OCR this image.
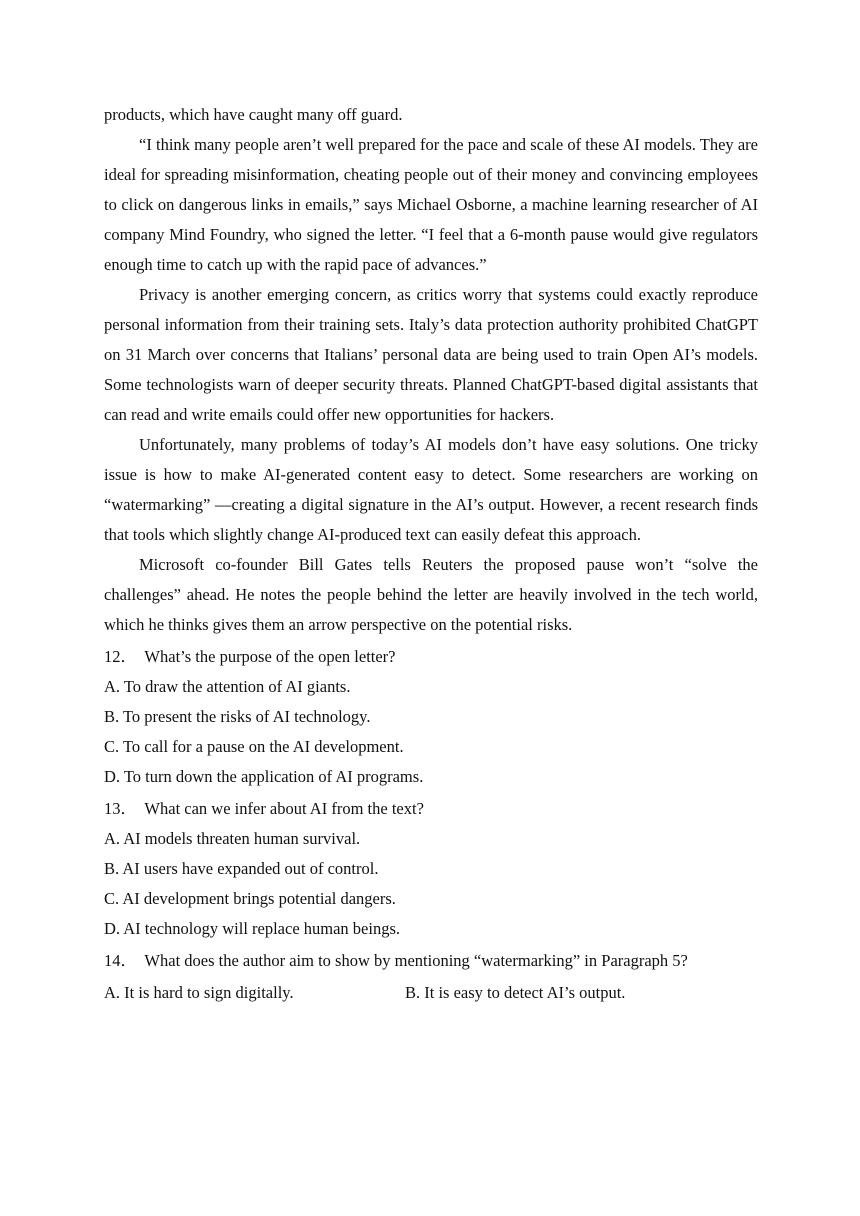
products, which have caught many off guard.

“I think many people aren’t well prepared for the pace and scale of these AI models. They are ideal for spreading misinformation, cheating people out of their money and convincing employees to click on dangerous links in emails,” says Michael Osborne, a machine learning researcher of AI company Mind Foundry, who signed the letter. “I feel that a 6-month pause would give regulators enough time to catch up with the rapid pace of advances.”

Privacy is another emerging concern, as critics worry that systems could exactly reproduce personal information from their training sets. Italy’s data protection authority prohibited ChatGPT on 31 March over concerns that Italians’ personal data are being used to train Open AI’s models. Some technologists warn of deeper security threats. Planned ChatGPT-based digital assistants that can read and write emails could offer new opportunities for hackers.

Unfortunately, many problems of today’s AI models don’t have easy solutions. One tricky issue is how to make AI-generated content easy to detect. Some researchers are working on “watermarking” —creating a digital signature in the AI’s output. However, a recent research finds that tools which slightly change AI-produced text can easily defeat this approach.

Microsoft co-founder Bill Gates tells Reuters the proposed pause won’t “solve the challenges” ahead. He notes the people behind the letter are heavily involved in the tech world, which he thinks gives them an arrow perspective on the potential risks.

12． What’s the purpose of the open letter?

A. To draw the attention of AI giants.

B. To present the risks of AI technology.

C. To call for a pause on the AI development.

D. To turn down the application of AI programs.

13． What can we infer about AI from the text?

A. AI models threaten human survival.

B. AI users have expanded out of control.

C. AI development brings potential dangers.

D. AI technology will replace human beings.

14． What does the author aim to show by mentioning “watermarking” in Paragraph 5?

A. It is hard to sign digitally.	B. It is easy to detect AI’s output.
